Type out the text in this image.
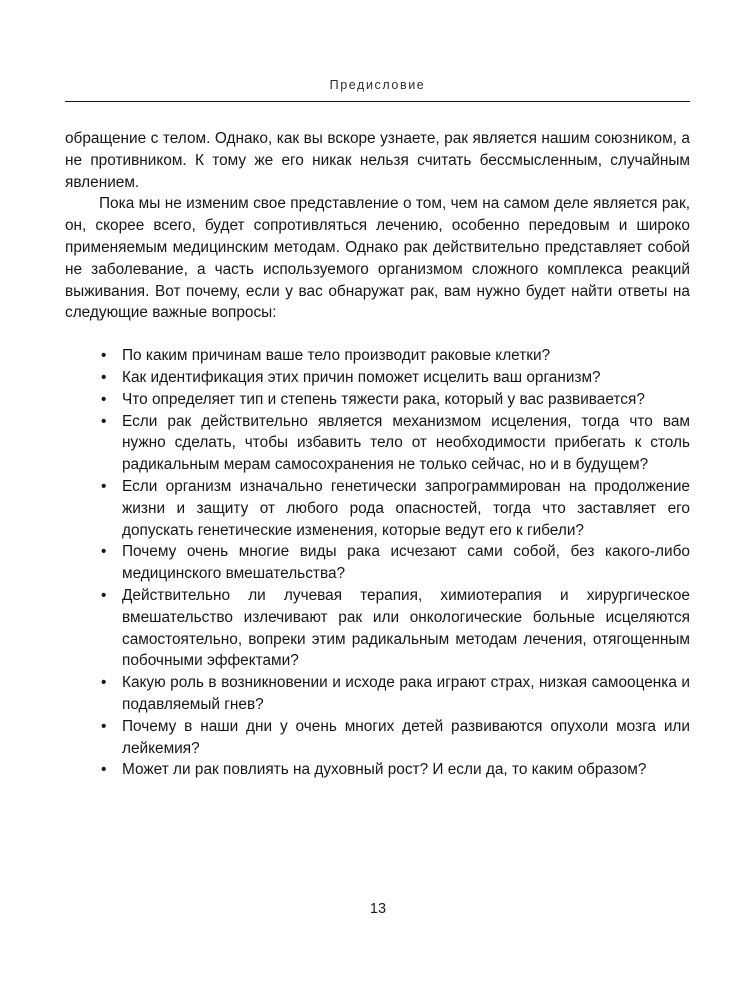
Предисловие

обращение с телом. Однако, как вы вскоре узнаете, рак является нашим союзником, а не противником. К тому же его никак нельзя считать бессмысленным, случайным явлением.

Пока мы не изменим свое представление о том, чем на самом деле является рак, он, скорее всего, будет сопротивляться лечению, особенно передовым и широко применяемым медицинским методам. Однако рак действительно представляет собой не заболевание, а часть используемого организмом сложного комплекса реакций выживания. Вот почему, если у вас обнаружат рак, вам нужно будет найти ответы на следующие важные вопросы:

• По каким причинам ваше тело производит раковые клетки?
• Как идентификация этих причин поможет исцелить ваш организм?
• Что определяет тип и степень тяжести рака, который у вас развивается?
• Если рак действительно является механизмом исцеления, тогда что вам нужно сделать, чтобы избавить тело от необходимости прибегать к столь радикальным мерам самосохранения не только сейчас, но и в будущем?
• Если организм изначально генетически запрограммирован на продолжение жизни и защиту от любого рода опасностей, тогда что заставляет его допускать генетические изменения, которые ведут его к гибели?
• Почему очень многие виды рака исчезают сами собой, без какого-либо медицинского вмешательства?
• Действительно ли лучевая терапия, химиотерапия и хирургическое вмешательство излечивают рак или онкологические больные исцеляются самостоятельно, вопреки этим радикальным методам лечения, отягощенным побочными эффектами?
• Какую роль в возникновении и исходе рака играют страх, низкая самооценка и подавляемый гнев?
• Почему в наши дни у очень многих детей развиваются опухоли мозга или лейкемия?
• Может ли рак повлиять на духовный рост? И если да, то каким образом?
13
